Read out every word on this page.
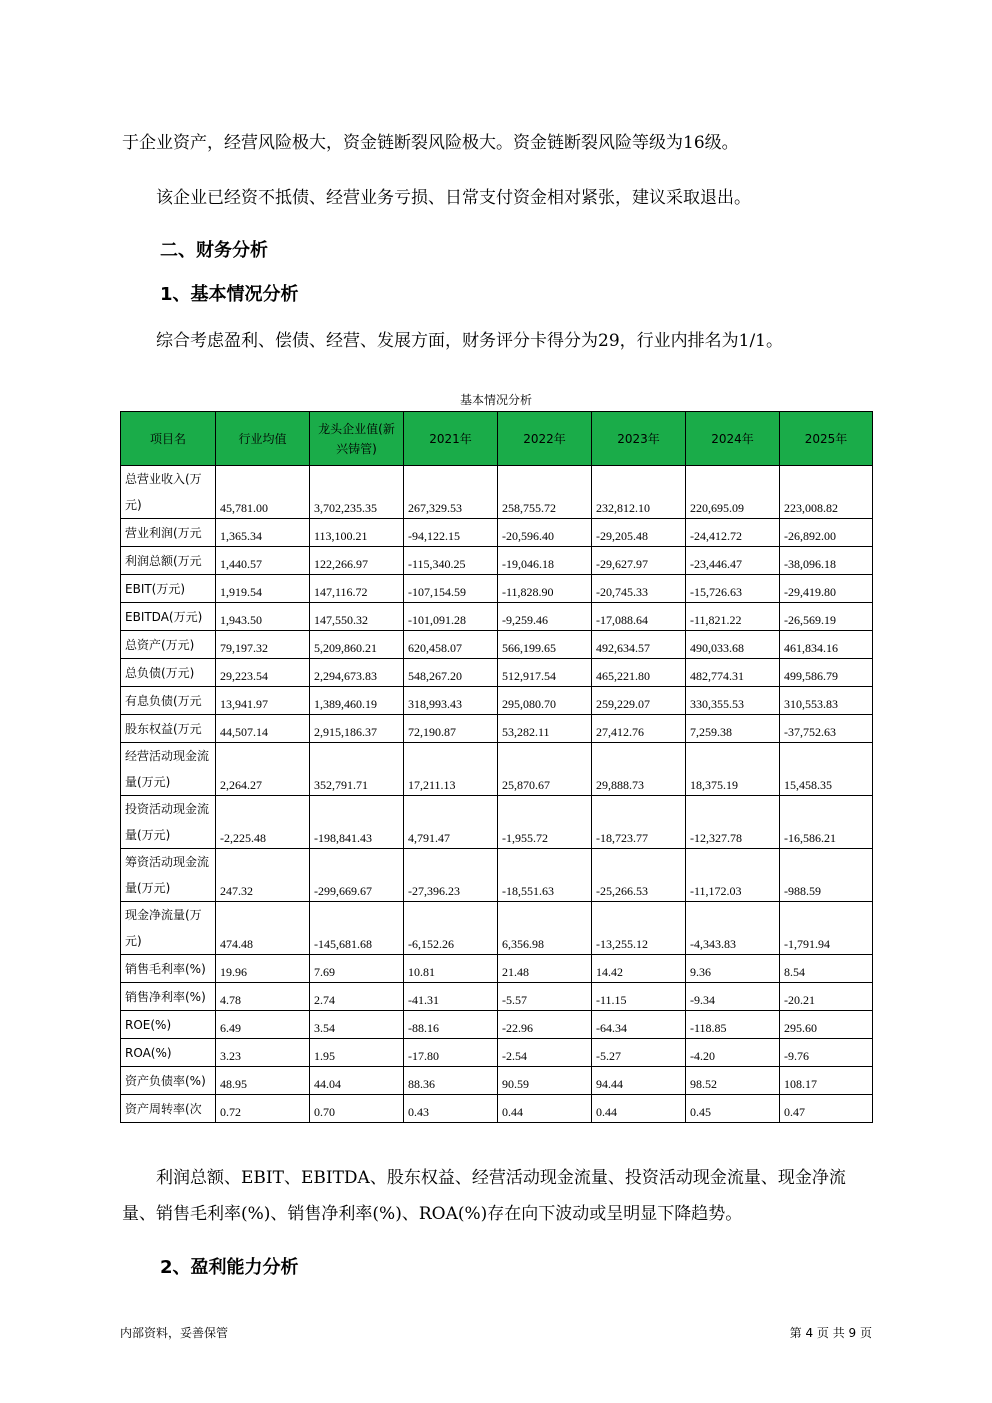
于企业资产，经营风险极大，资金链断裂风险极大。资金链断裂风险等级为16级。

该企业已经资不抵债、经营业务亏损、日常支付资金相对紧张，建议采取退出。

二、财务分析

1、基本情况分析

综合考虑盈利、偿债、经营、发展方面，财务评分卡得分为29，行业内排名为1/1。

基本情况分析
项目名	行业均值	龙头企业值(新兴铸管)	2021年	2022年	2023年	2024年	2025年
总营业收入(万元)	45,781.00	3,702,235.35	267,329.53	258,755.72	232,812.10	220,695.09	223,008.82
营业利润(万元	1,365.34	113,100.21	-94,122.15	-20,596.40	-29,205.48	-24,412.72	-26,892.00
利润总额(万元	1,440.57	122,266.97	-115,340.25	-19,046.18	-29,627.97	-23,446.47	-38,096.18
EBIT(万元)	1,919.54	147,116.72	-107,154.59	-11,828.90	-20,745.33	-15,726.63	-29,419.80
EBITDA(万元)	1,943.50	147,550.32	-101,091.28	-9,259.46	-17,088.64	-11,821.22	-26,569.19
总资产(万元)	79,197.32	5,209,860.21	620,458.07	566,199.65	492,634.57	490,033.68	461,834.16
总负债(万元)	29,223.54	2,294,673.83	548,267.20	512,917.54	465,221.80	482,774.31	499,586.79
有息负债(万元	13,941.97	1,389,460.19	318,993.43	295,080.70	259,229.07	330,355.53	310,553.83
股东权益(万元	44,507.14	2,915,186.37	72,190.87	53,282.11	27,412.76	7,259.38	-37,752.63
经营活动现金流量(万元)	2,264.27	352,791.71	17,211.13	25,870.67	29,888.73	18,375.19	15,458.35
投资活动现金流量(万元)	-2,225.48	-198,841.43	4,791.47	-1,955.72	-18,723.77	-12,327.78	-16,586.21
筹资活动现金流量(万元)	247.32	-299,669.67	-27,396.23	-18,551.63	-25,266.53	-11,172.03	-988.59
现金净流量(万元)	474.48	-145,681.68	-6,152.26	6,356.98	-13,255.12	-4,343.83	-1,791.94
销售毛利率(%)	19.96	7.69	10.81	21.48	14.42	9.36	8.54
销售净利率(%)	4.78	2.74	-41.31	-5.57	-11.15	-9.34	-20.21
ROE(%)	6.49	3.54	-88.16	-22.96	-64.34	-118.85	295.60
ROA(%)	3.23	1.95	-17.80	-2.54	-5.27	-4.20	-9.76
资产负债率(%)	48.95	44.04	88.36	90.59	94.44	98.52	108.17
资产周转率(次	0.72	0.70	0.43	0.44	0.44	0.45	0.47

利润总额、EBIT、EBITDA、股东权益、经营活动现金流量、投资活动现金流量、现金净流量、销售毛利率(%)、销售净利率(%)、ROA(%)存在向下波动或呈明显下降趋势。

2、盈利能力分析

内部资料，妥善保管	第 4 页 共 9 页
